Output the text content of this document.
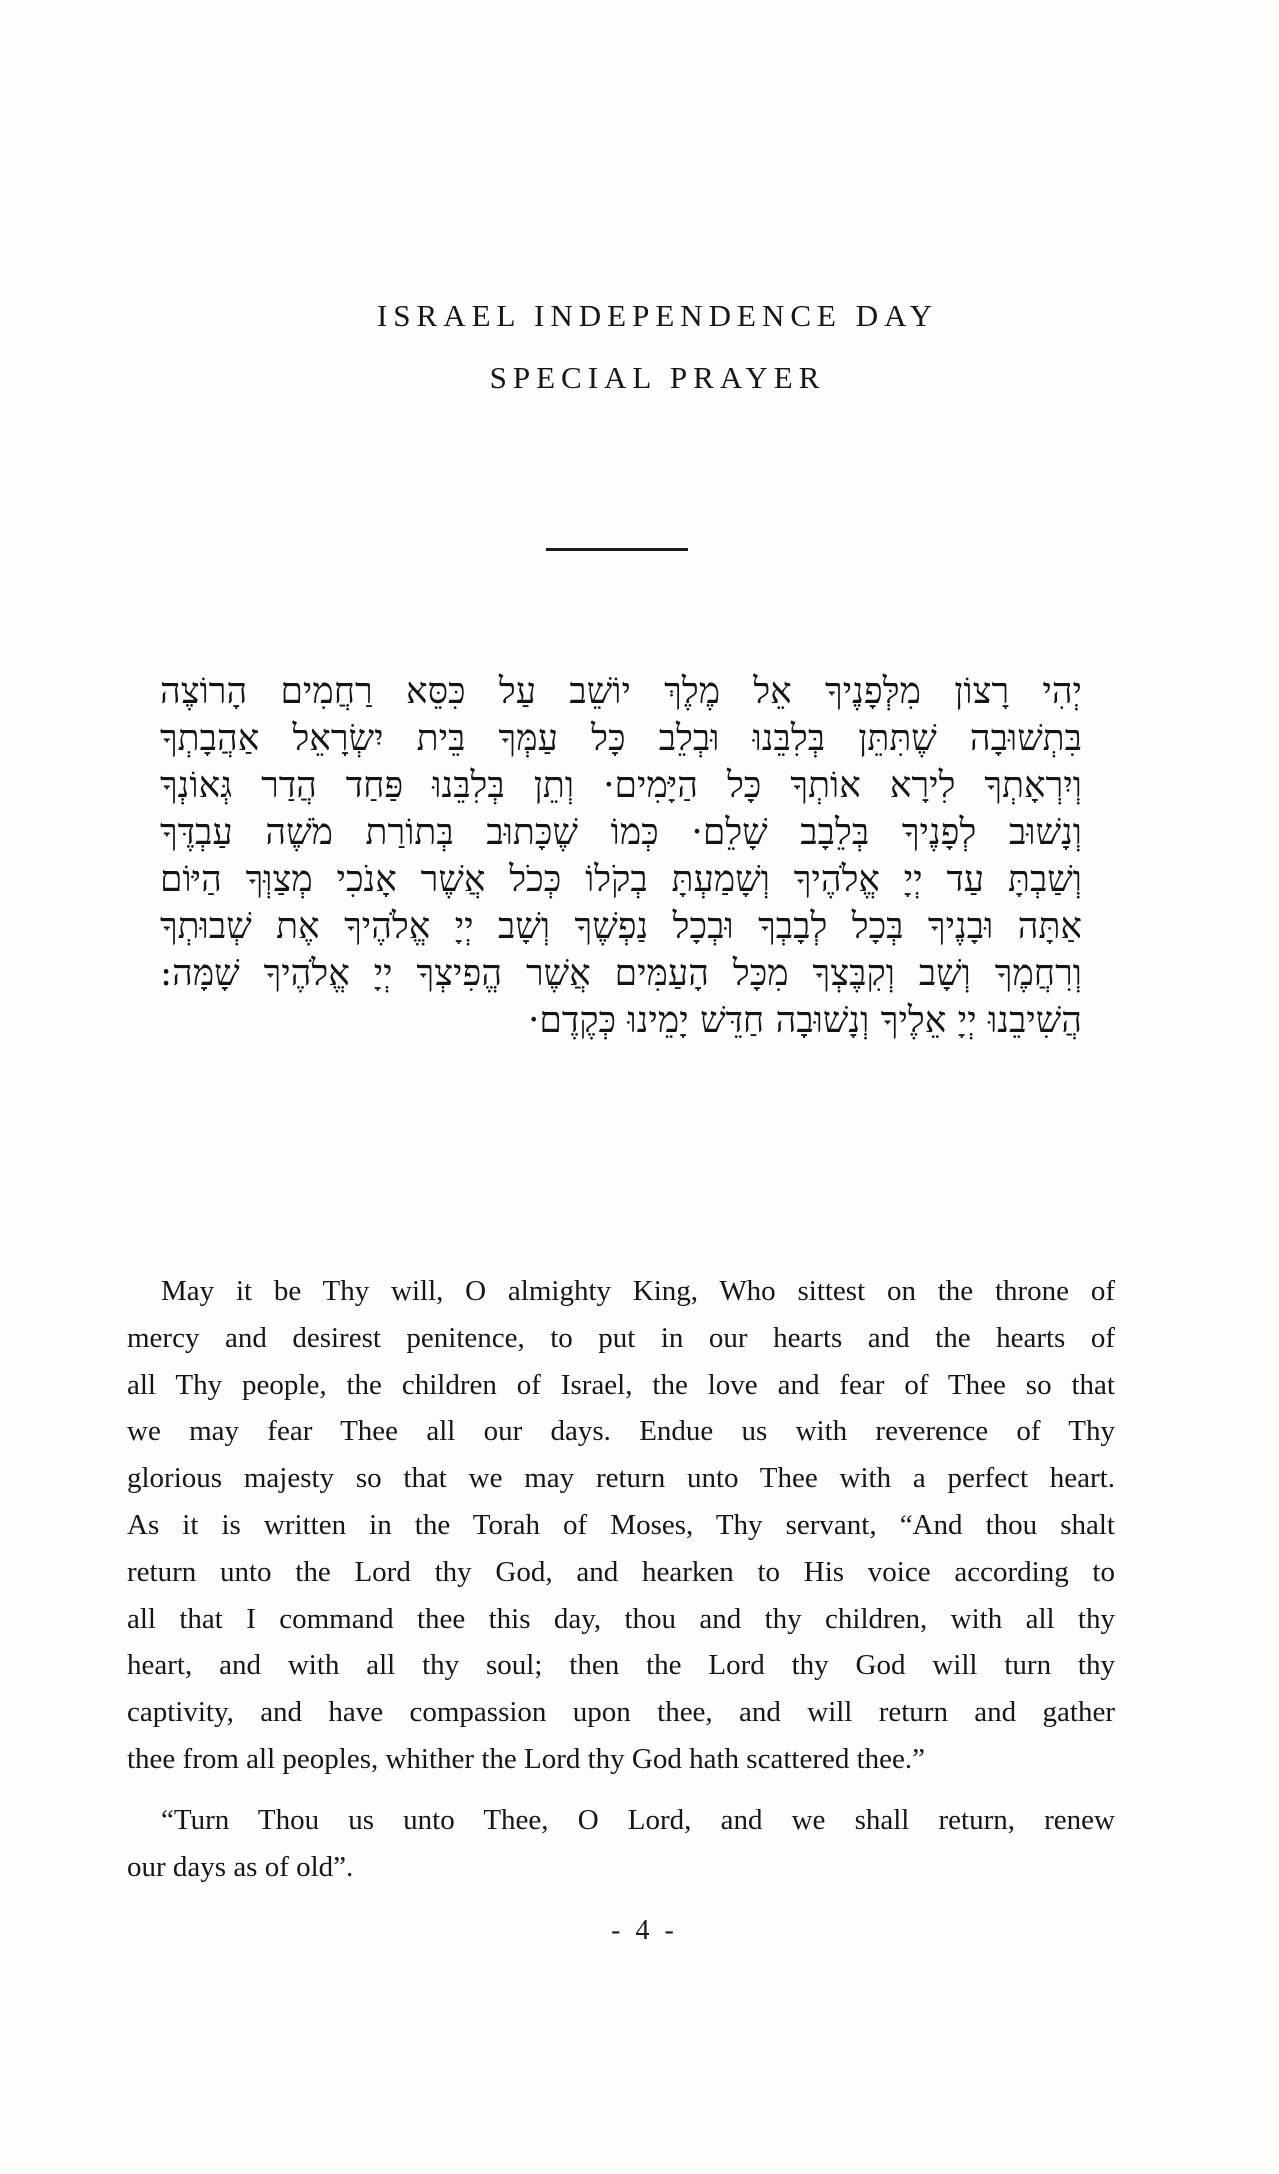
ISRAEL INDEPENDENCE DAY
SPECIAL PRAYER
יְהִי רָצוֹן מִלְּפָנֶיךָ אֵל מֶלֶךְ יוֹשֵׁב עַל כִּסֵּא רַחֲמִים הָרוֹצֶה
בִּתְשׁוּבָה שֶׁתִּתֵּן בְּלִבֵּנוּ וּבְלֵב כָּל עַמְּךָ בֵּית יִשְׂרָאֵל אַהֲבָתְךָ
וְיִרְאָתְךָ לִירָא אוֹתְךָ כָּל הַיָּמִים· וְתֵן בְּלִבֵּנוּ פַּחַד הֲדַר גְּאוֹנְךָ
וְנָשׁוּב לְפָנֶיךָ בְּלֵבָב שָׁלֵם· כְּמוֹ שֶׁכָּתוּב בְּתוֹרַת מֹשֶׁה עַבְדֶּךָ
וְשַׁבְתָּ עַד יְיָ אֱלֹהֶיךָ וְשָׁמַעְתָּ בְקֹלוֹ כְּכֹל אֲשֶׁר אָנֹכִי מְצַוְּךָ הַיּוֹם
אַתָּה וּבָנֶיךָ בְּכָל לְבָבְךָ וּבְכָל נַפְשֶׁךָ וְשָׁב יְיָ אֱלֹהֶיךָ אֶת שְׁבוּתְךָ
וְרִחֲמֶךָ וְשָׁב וְקִבֶּצְךָ מִכָּל הָעַמִּים אֲשֶׁר הֱפִיצְךָ יְיָ אֱלֹהֶיךָ שָׁמָּה:
הֲשִׁיבֵנוּ יְיָ אֵלֶיךָ וְנָשׁוּבָה חַדֵּשׁ יָמֵינוּ כְּקֶדֶם·
May it be Thy will, O almighty King, Who sittest on the throne of
mercy and desirest penitence, to put in our hearts and the hearts of
all Thy people, the children of Israel, the love and fear of Thee so that
we may fear Thee all our days. Endue us with reverence of Thy
glorious majesty so that we may return unto Thee with a perfect heart.
As it is written in the Torah of Moses, Thy servant, “And thou shalt
return unto the Lord thy God, and hearken to His voice according to
all that I command thee this day, thou and thy children, with all thy
heart, and with all thy soul; then the Lord thy God will turn thy
captivity, and have compassion upon thee, and will return and gather
thee from all peoples, whither the Lord thy God hath scattered thee.”
“Turn Thou us unto Thee, O Lord, and we shall return, renew
our days as of old”.
- 4 -
